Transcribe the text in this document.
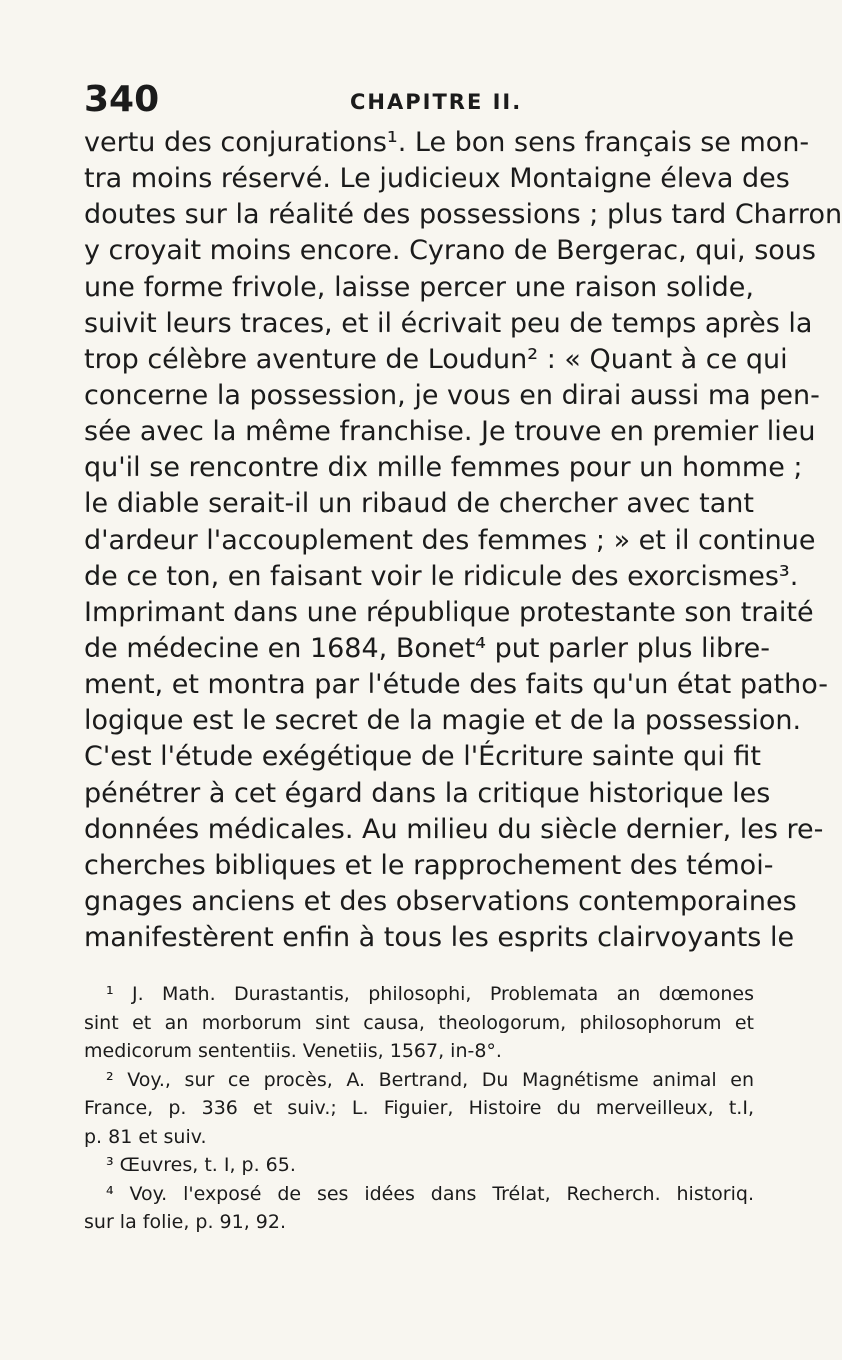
340	CHAPITRE II.
vertu des conjurations¹. Le bon sens français se mon-
tra moins réservé. Le judicieux Montaigne éleva des
doutes sur la réalité des possessions ; plus tard Charron
y croyait moins encore. Cyrano de Bergerac, qui, sous
une forme frivole, laisse percer une raison solide,
suivit leurs traces, et il écrivait peu de temps après la
trop célèbre aventure de Loudun² : « Quant à ce qui
concerne la possession, je vous en dirai aussi ma pen-
sée avec la même franchise. Je trouve en premier lieu
qu'il se rencontre dix mille femmes pour un homme ;
le diable serait-il un ribaud de chercher avec tant
d'ardeur l'accouplement des femmes ; » et il continue
de ce ton, en faisant voir le ridicule des exorcismes³.
Imprimant dans une république protestante son traité
de médecine en 1684, Bonet⁴ put parler plus libre-
ment, et montra par l'étude des faits qu'un état patho-
logique est le secret de la magie et de la possession.
C'est l'étude exégétique de l'Écriture sainte qui fit
pénétrer à cet égard dans la critique historique les
données médicales. Au milieu du siècle dernier, les re-
cherches bibliques et le rapprochement des témoi-
gnages anciens et des observations contemporaines
manifestèrent enfin à tous les esprits clairvoyants le
¹ J. Math. Durastantis, philosophi, Problemata an dœmones
sint et an morborum sint causa, theologorum, philosophorum et
medicorum sententiis. Venetiis, 1567, in-8°.
² Voy., sur ce procès, A. Bertrand, Du Magnétisme animal en
France, p. 336 et suiv.; L. Figuier, Histoire du merveilleux, t.I,
p. 81 et suiv.
³ Œuvres, t. I, p. 65.
⁴ Voy. l'exposé de ses idées dans Trélat, Recherch. historiq.
sur la folie, p. 91, 92.
